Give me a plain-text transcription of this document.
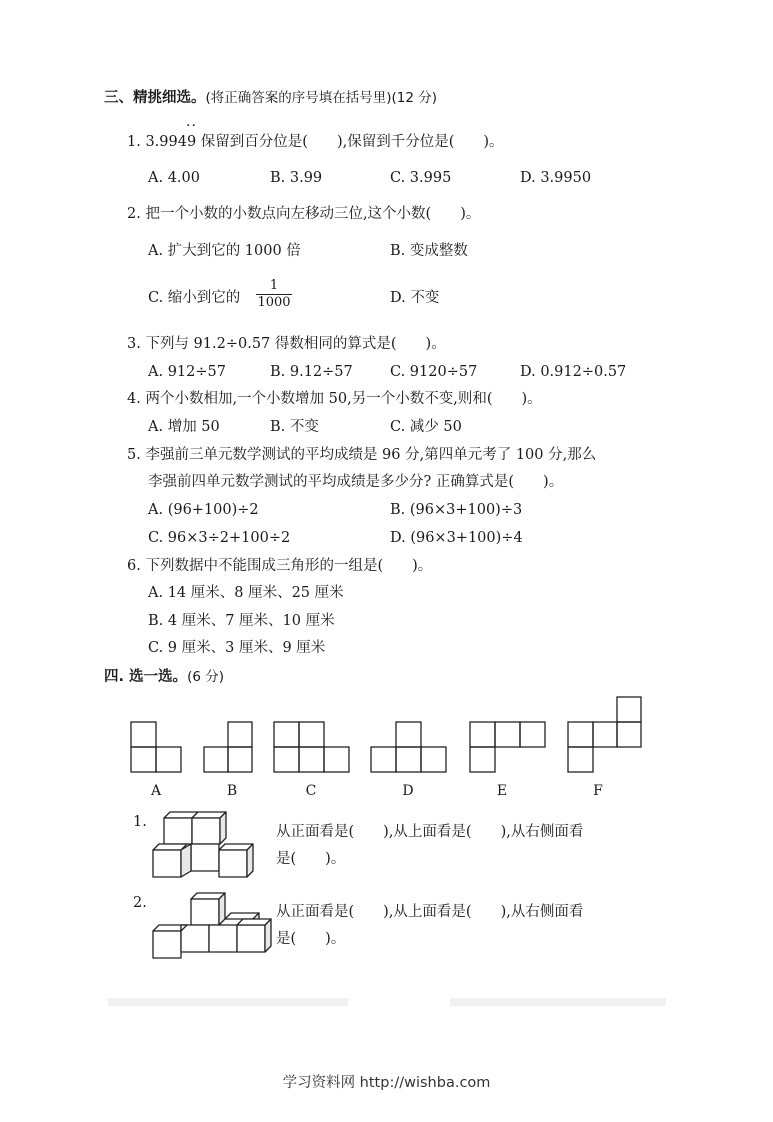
三、精挑细选。(将正确答案的序号填在括号里)(12 分)
..
1. 3.9949 保留到百分位是(　　),保留到千分位是(　　)。
A. 4.00	B. 3.99	C. 3.995	D. 3.9950
2. 把一个小数的小数点向左移动三位,这个小数(　　)。
A. 扩大到它的 1000 倍	B. 变成整数
C. 缩小到它的
1
1000	D. 不变
3. 下列与 91.2÷0.57 得数相同的算式是(　　)。
A. 912÷57	B. 9.12÷57	C. 9120÷57	D. 0.912÷0.57
4. 两个小数相加,一个小数增加 50,另一个小数不变,则和(　　)。
A. 增加 50	B. 不变	C. 减少 50
5. 李强前三单元数学测试的平均成绩是 96 分,第四单元考了 100 分,那么
李强前四单元数学测试的平均成绩是多少分? 正确算式是(　　)。
A. (96+100)÷2	B. (96×3+100)÷3
C. 96×3÷2+100÷2	D. (96×3+100)÷4
6. 下列数据中不能围成三角形的一组是(　　)。
A. 14 厘米、8 厘米、25 厘米
B. 4 厘米、7 厘米、10 厘米
C. 9 厘米、3 厘米、9 厘米
四. 选一选。(6 分)
A	B	C	D	E	F
1.
从正面看是(　　),从上面看是(　　),从右侧面看
是(　　)。
2.
从正面看是(　　),从上面看是(　　),从右侧面看
是(　　)。
学习资料网 http://wishba.com
